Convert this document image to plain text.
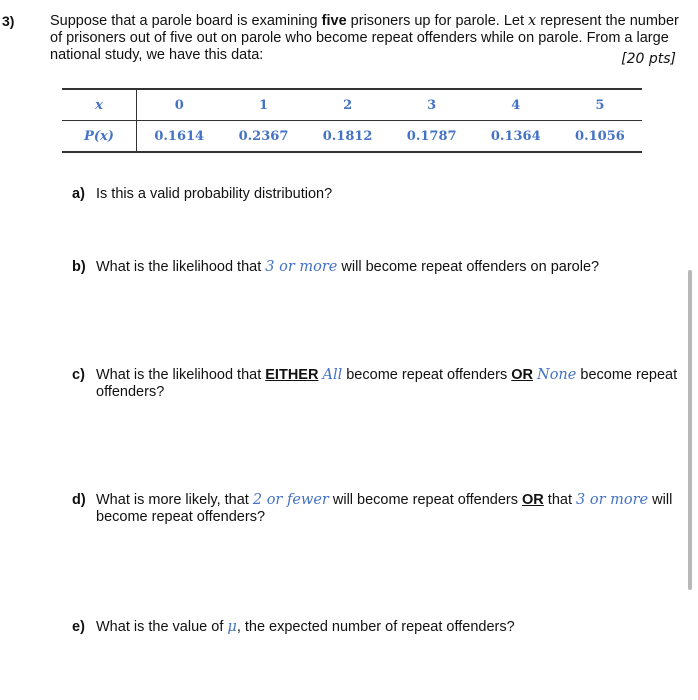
3) Suppose that a parole board is examining five prisoners up for parole. Let x represent the number of prisoners out of five out on parole who become repeat offenders while on parole. From a large national study, we have this data:	[20 pts]
x	0	1	2	3	4	5
P(x)	0.1614	0.2367	0.1812	0.1787	0.1364	0.1056
a) Is this a valid probability distribution?
b) What is the likelihood that 3 or more will become repeat offenders on parole?
c) What is the likelihood that EITHER All become repeat offenders OR None become repeat offenders?
d) What is more likely, that 2 or fewer will become repeat offenders OR that 3 or more will become repeat offenders?
e) What is the value of μ, the expected number of repeat offenders?
